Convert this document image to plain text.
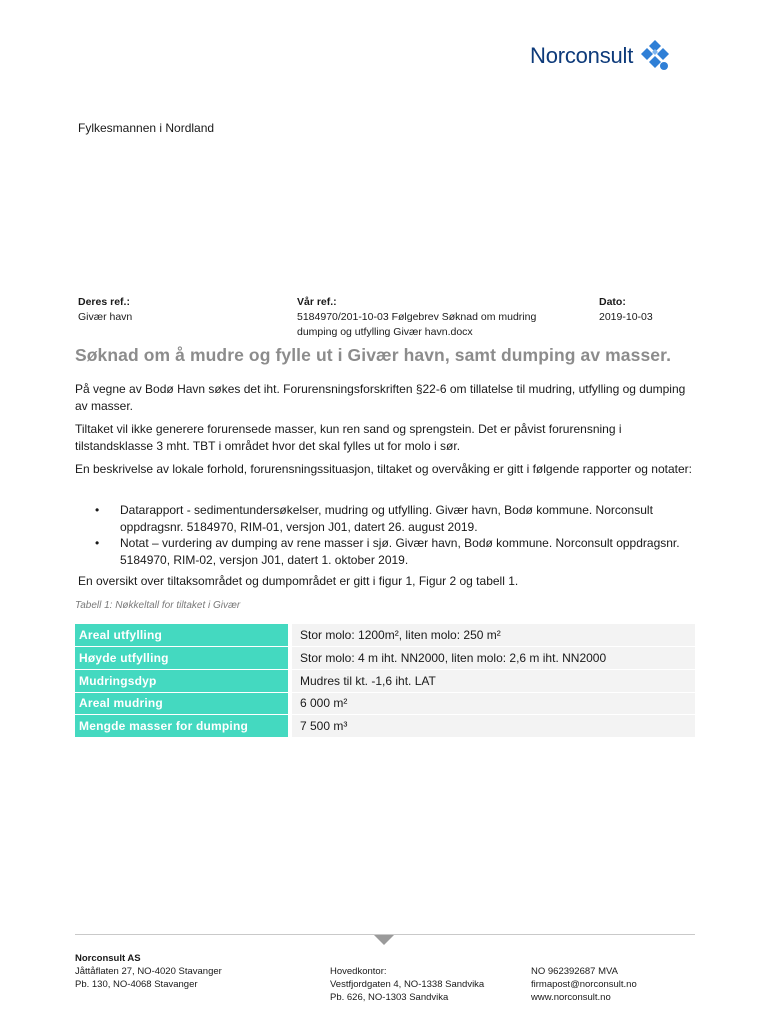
Norconsult
Fylkesmannen i Nordland
Deres ref.:
Givær havn
Vår ref.:
5184970/201-10-03 Følgebrev Søknad om mudring
dumping og utfylling Givær havn.docx
Dato:
2019-10-03
Søknad om å mudre og fylle ut i Givær havn, samt dumping av masser.

På vegne av Bodø Havn søkes det iht. Forurensningsforskriften §22-6 om tillatelse til mudring, utfylling og dumping av masser.

Tiltaket vil ikke generere forurensede masser, kun ren sand og sprengstein. Det er påvist forurensning i tilstandsklasse 3 mht. TBT i området hvor det skal fylles ut for molo i sør.

En beskrivelse av lokale forhold, forurensningssituasjon, tiltaket og overvåking er gitt i følgende rapporter og notater:

• Datarapport - sedimentundersøkelser, mudring og utfylling. Givær havn, Bodø kommune. Norconsult oppdragsnr. 5184970, RIM-01, versjon J01, datert 26. august 2019.
• Notat – vurdering av dumping av rene masser i sjø. Givær havn, Bodø kommune. Norconsult oppdragsnr. 5184970, RIM-02, versjon J01, datert 1. oktober 2019.

En oversikt over tiltaksområdet og dumpområdet er gitt i figur 1, Figur 2 og tabell 1.

Tabell 1: Nøkkeltall for tiltaket i Givær
Areal utfylling		Stor molo: 1200m², liten molo: 250 m²
Høyde utfylling		Stor molo: 4 m iht. NN2000, liten molo: 2,6 m iht. NN2000
Mudringsdyp		Mudres til kt. -1,6 iht. LAT
Areal mudring		6 000 m²
Mengde masser for dumping		7 500 m³
Norconsult AS
Jåttåflaten 27, NO-4020 Stavanger
Pb. 130, NO-4068 Stavanger
Hovedkontor:
Vestfjordgaten 4, NO-1338 Sandvika
Pb. 626, NO-1303 Sandvika
NO 962392687 MVA
firmapost@norconsult.no
www.norconsult.no
